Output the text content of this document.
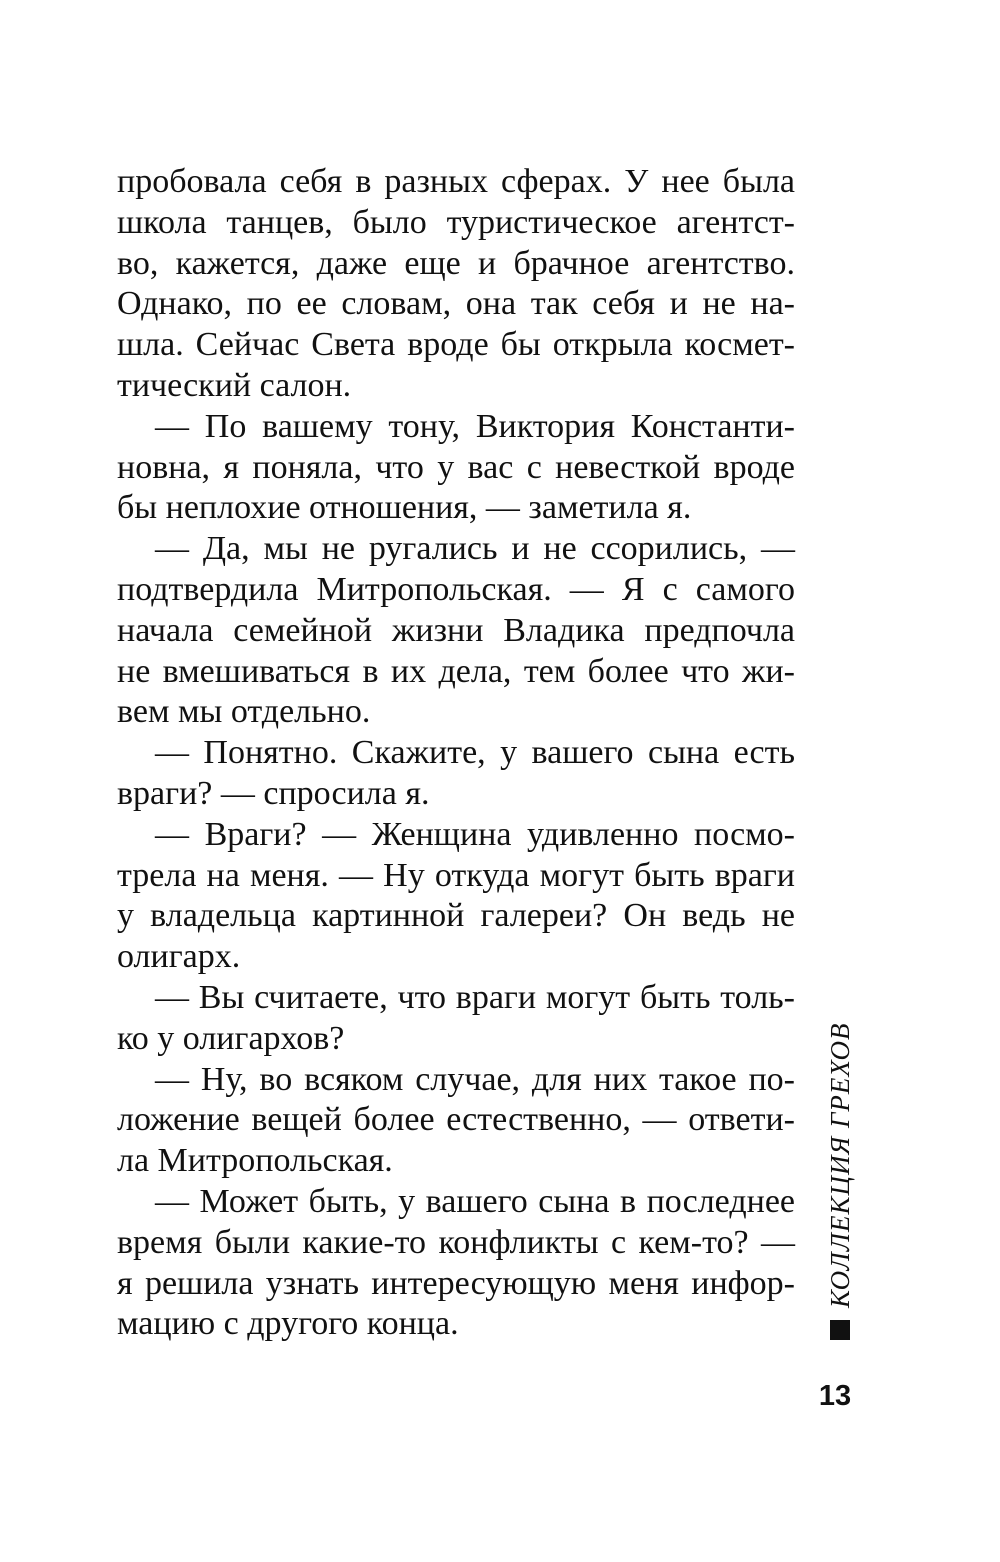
пробовала себя в разных сферах. У нее была
школа танцев, было туристическое агентст-
во, кажется, даже еще и брачное агентство.
Однако, по ее словам, она так себя и не на-
шла. Сейчас Света вроде бы открыла космет-
тический салон.
— По вашему тону, Виктория Константи-
новна, я поняла, что у вас с невесткой вроде
бы неплохие отношения, — заметила я.
— Да, мы не ругались и не ссорились, —
подтвердила Митропольская. — Я с самого
начала семейной жизни Владика предпочла
не вмешиваться в их дела, тем более что жи-
вем мы отдельно.
— Понятно. Скажите, у вашего сына есть
враги? — спросила я.
— Враги? — Женщина удивленно посмо-
трела на меня. — Ну откуда могут быть враги
у владельца картинной галереи? Он ведь не
олигарх.
— Вы считаете, что враги могут быть толь-
ко у олигархов?
— Ну, во всяком случае, для них такое по-
ложение вещей более естественно, — ответи-
ла Митропольская.
— Может быть, у вашего сына в последнее
время были какие-то конфликты с кем-то? —
я решила узнать интересующую меня инфор-
мацию с другого конца.
КОЛЛЕКЦИЯ ГРЕХОВ
13
